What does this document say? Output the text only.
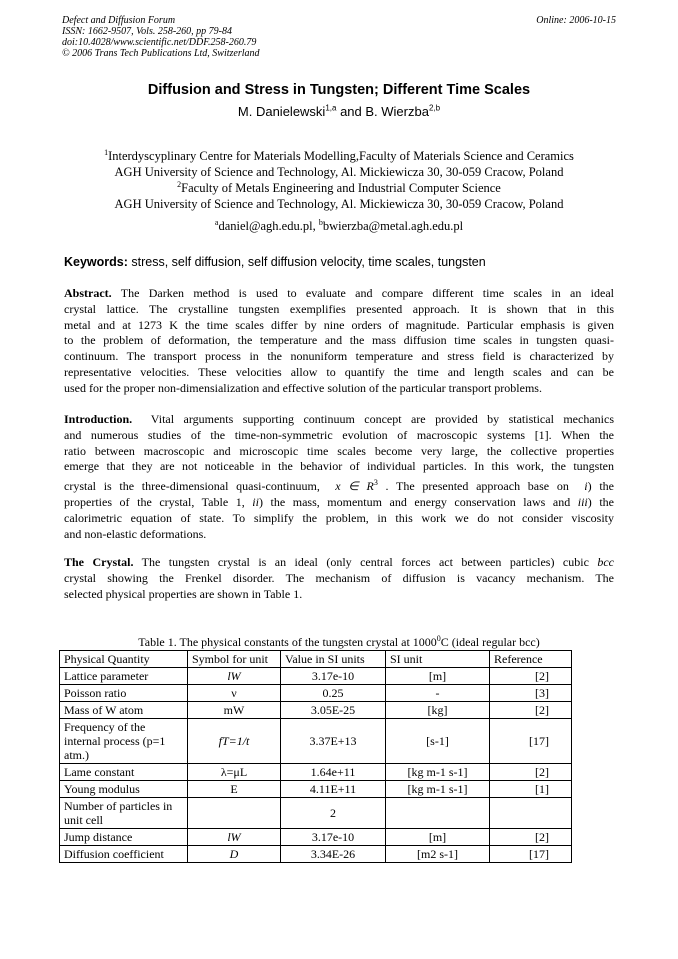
Defect and Diffusion Forum
ISSN: 1662-9507, Vols. 258-260, pp 79-84
doi:10.4028/www.scientific.net/DDF.258-260.79
© 2006 Trans Tech Publications Ltd, Switzerland
Online: 2006-10-15
Diffusion and Stress in Tungsten; Different Time Scales
M. Danielewski$^{1,a}$ and B. Wierzba$^{2,b}$
$^1$Interdyscyplinary Centre for Materials Modelling,Faculty of Materials Science and Ceramics
AGH University of Science and Technology, Al. Mickiewicza 30, 30-059 Cracow, Poland
$^2$Faculty of Metals Engineering and Industrial Computer Science
AGH University of Science and Technology, Al. Mickiewicza 30, 30-059 Cracow, Poland
$^a$daniel@agh.edu.pl, $^b$bwierzba@metal.agh.edu.pl
Keywords: stress, self diffusion, self diffusion velocity, time scales, tungsten
Abstract. The Darken method is used to evaluate and compare different time scales in an ideal
crystal lattice. The crystalline tungsten exemplifies presented approach. It is shown that in this
metal and at 1273 K the time scales differ by nine orders of magnitude. Particular emphasis is given
to the problem of deformation, the temperature and the mass diffusion time scales in tungsten quasi-
continuum. The transport process in the nonuniform temperature and stress field is characterized by
representative velocities. These velocities allow to quantify the time and length scales and can be
used for the proper non-dimensialization and effective solution of the particular transport problems.
Introduction.  Vital arguments supporting continuum concept are provided by statistical mechanics
and numerous studies of the time-non-symmetric evolution of macroscopic systems [1]. When the
ratio between macroscopic and microscopic time scales become very large, the collective properties
emerge that they are not noticeable in the behavior of individual particles. In this work, the tungsten
crystal is the three-dimensional quasi-continuum,  x ∈ $R^3$ . The presented approach base on  i) the
properties of the crystal, Table 1, ii) the mass, momentum and energy conservation laws and iii) the
calorimetric equation of state. To simplify the problem, in this work we do not consider viscosity
and non-elastic deformations.
The Crystal. The tungsten crystal is an ideal (only central forces act between particles) cubic bcc
crystal showing the Frenkel disorder. The mechanism of diffusion is vacancy mechanism. The
selected physical properties are shown in Table 1.
Table 1. The physical constants of the tungsten crystal at 1000$^0$C (ideal regular bcc)
Physical Quantity	Symbol for unit	Value in SI units	SI unit	Reference
Lattice parameter	lW	3.17e-10	[m]	[2]
Poisson ratio	ν	0.25	-	[3]
Mass of W atom	mW	3.05E-25	[kg]	[2]
Frequency of the internal process (p=1 atm.)	fT=1/t	3.37E+13	[s-1]	[17]
Lame constant	λ=μL	1.64e+11	[kg m-1 s-1]	[2]
Young modulus	E	4.11E+11	[kg m-1 s-1]	[1]
Number of particles in unit cell		2		
Jump distance	lW	3.17e-10	[m]	[2]
Diffusion coefficient	D	3.34E-26	[m2 s-1]	[17]
